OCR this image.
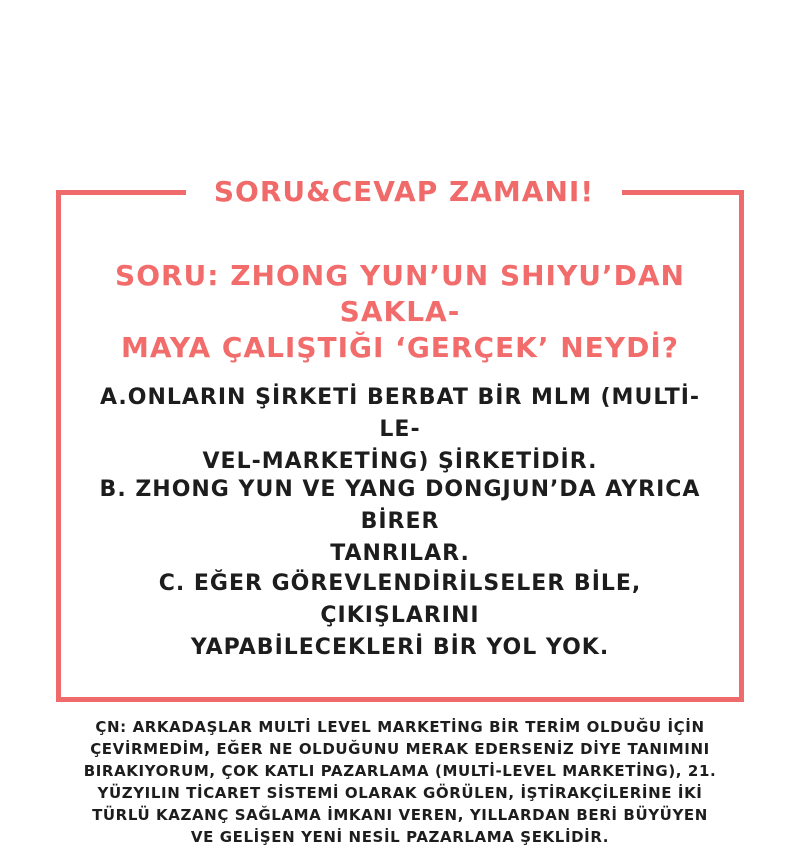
SORU&CEVAP ZAMANI!
SORU: ZHONG YUN’UN SHIYU’DAN SAKLA-
MAYA ÇALIŞTIĞI ‘GERÇEK’ NEYDİ?
A.ONLARIN ŞİRKETİ BERBAT BİR MLM (MULTİ-LE-
VEL-MARKETİNG) ŞİRKETİDİR.
B. ZHONG YUN VE YANG DONGJUN’DA AYRICA BİRER
TANRILAR.
C. EĞER GÖREVLENDİRİLSELER BİLE, ÇIKIŞLARINI
YAPABİLECEKLERİ BİR YOL YOK.
ÇN: ARKADAŞLAR MULTİ LEVEL MARKETİNG BİR TERİM OLDUĞU İÇİN
ÇEVİRMEDİM, EĞER NE OLDUĞUNU MERAK EDERSENİZ DİYE TANIMINI
BIRAKIYORUM, ÇOK KATLI PAZARLAMA (MULTİ-LEVEL MARKETİNG), 21.
YÜZYILIN TİCARET SİSTEMİ OLARAK GÖRÜLEN, İŞTİRAKÇİLERİNE İKİ
TÜRLÜ KAZANÇ SAĞLAMA İMKANI VEREN, YILLARDAN BERİ BÜYÜYEN
VE GELİŞEN YENİ NESİL PAZARLAMA ŞEKLİDİR.
